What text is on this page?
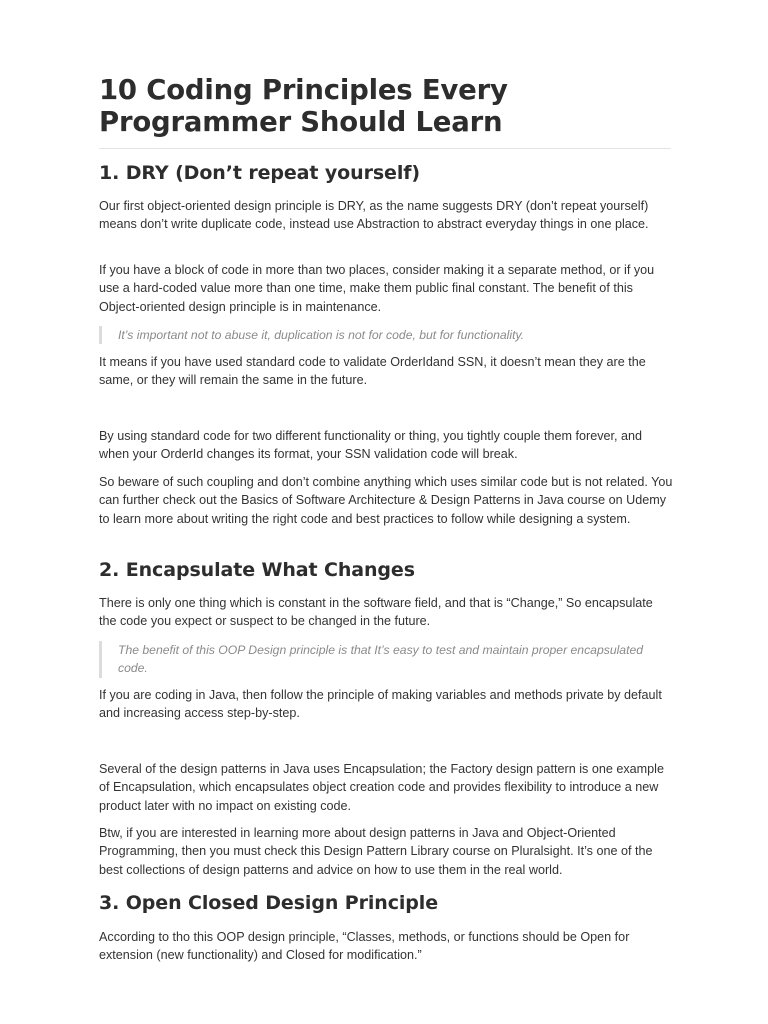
10 Coding Principles Every Programmer Should Learn
1. DRY (Don’t repeat yourself)

Our first object-oriented design principle is DRY, as the name suggests DRY (don’t repeat yourself) means don’t write duplicate code, instead use Abstraction to abstract everyday things in one place.

If you have a block of code in more than two places, consider making it a separate method, or if you use a hard-coded value more than one time, make them public final constant. The benefit of this Object-oriented design principle is in maintenance.

It’s important not to abuse it, duplication is not for code, but for functionality.

It means if you have used standard code to validate OrderIdand SSN, it doesn’t mean they are the same, or they will remain the same in the future.

By using standard code for two different functionality or thing, you tightly couple them forever, and when your OrderId changes its format, your SSN validation code will break.

So beware of such coupling and don’t combine anything which uses similar code but is not related. You can further check out the Basics of Software Architecture & Design Patterns in Java course on Udemy to learn more about writing the right code and best practices to follow while designing a system.

2. Encapsulate What Changes

There is only one thing which is constant in the software field, and that is “Change,” So encapsulate the code you expect or suspect to be changed in the future.

The benefit of this OOP Design principle is that It’s easy to test and maintain proper encapsulated code.

If you are coding in Java, then follow the principle of making variables and methods private by default and increasing access step-by-step.

Several of the design patterns in Java uses Encapsulation; the Factory design pattern is one example of Encapsulation, which encapsulates object creation code and provides flexibility to introduce a new product later with no impact on existing code.

Btw, if you are interested in learning more about design patterns in Java and Object-Oriented Programming, then you must check this Design Pattern Library course on Pluralsight. It’s one of the best collections of design patterns and advice on how to use them in the real world.

3. Open Closed Design Principle

According to tho this OOP design principle, “Classes, methods, or functions should be Open for extension (new functionality) and Closed for modification.”
